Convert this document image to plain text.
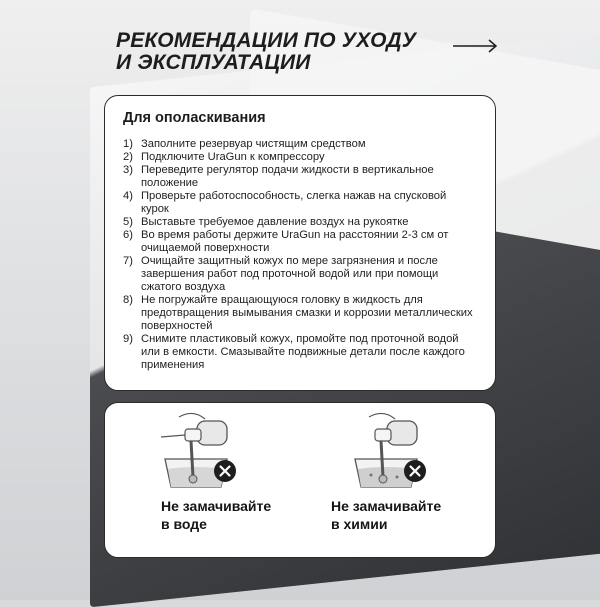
РЕКОМЕНДАЦИИ ПО УХОДУ
И ЭКСПЛУАТАЦИИ
Для ополаскивания
1) Заполните резервуар чистящим средством
2) Подключите UraGun к компрессору
3) Переведите регулятор подачи жидкости в вертикальное положение
4) Проверьте работоспособность, слегка нажав на спусковой курок
5) Выставьте требуемое давление воздух на рукоятке
6) Во время работы держите UraGun на расстоянии 2-3 см от очищаемой поверхности
7) Очищайте защитный кожух по мере загрязнения и после завершения работ под проточной водой или при помощи сжатого воздуха
8) Не погружайте вращающуюся головку в жидкость для предотвращения вымывания смазки и коррозии металлических поверхностей
9) Снимите пластиковый кожух, промойте под проточной водой или в емкости. Смазывайте подвижные детали после каждого применения
Не замачивайте
в воде
Не замачивайте
в химии
